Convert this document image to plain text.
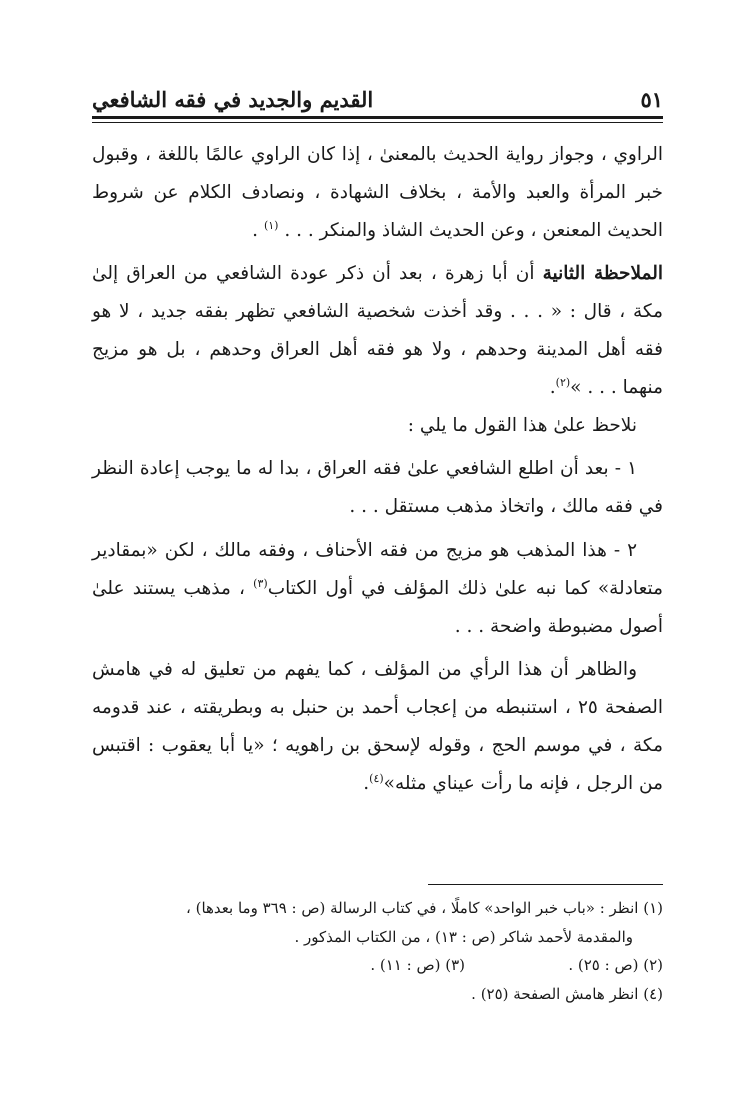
القديم والجديد في فقه الشافعي	٥١

الراوي ، وجواز رواية الحديث بالمعنىٰ ، إذا كان الراوي عالمًا باللغة ، وقبول خبر المرأة والعبد والأمة ، بخلاف الشهادة ، ونصادف الكلام عن شروط الحديث المعنعن ، وعن الحديث الشاذ والمنكر . . . $^{(١)}$ .

الملاحظة الثانية أن أبا زهرة ، بعد أن ذكر عودة الشافعي من العراق إلىٰ مكة ، قال : « . . . وقد أخذت شخصية الشافعي تظهر بفقه جديد ، لا هو فقه أهل المدينة وحدهم ، ولا هو فقه أهل العراق وحدهم ، بل هو مزيج منهما . . . »$^{(٢)}$.

نلاحظ علىٰ هذا القول ما يلي :

١ - بعد أن اطلع الشافعي علىٰ فقه العراق ، بدا له ما يوجب إعادة النظر في فقه مالك ، واتخاذ مذهب مستقل . . .

٢ - هذا المذهب هو مزيج من فقه الأحناف ، وفقه مالك ، لكن «بمقادير متعادلة» كما نبه علىٰ ذلك المؤلف في أول الكتاب$^{(٣)}$ ، مذهب يستند علىٰ أصول مضبوطة واضحة . . .

والظاهر أن هذا الرأي من المؤلف ، كما يفهم من تعليق له في هامش الصفحة ٢٥ ، استنبطه من إعجاب أحمد بن حنبل به وبطريقته ، عند قدومه مكة ، في موسم الحج ، وقوله لإسحق بن راهويه ؛ «يا أبا يعقوب : اقتبس من الرجل ، فإنه ما رأت عيناي مثله»$^{(٤)}$.

(١) انظر : «باب خبر الواحد» كاملًا ، في كتاب الرسالة (ص : ٣٦٩ وما بعدها) ،

والمقدمة لأحمد شاكر (ص : ١٣) ، من الكتاب المذكور .

(٢) (ص : ٢٥) .
(٣) (ص : ١١) .

(٤) انظر هامش الصفحة (٢٥) .
